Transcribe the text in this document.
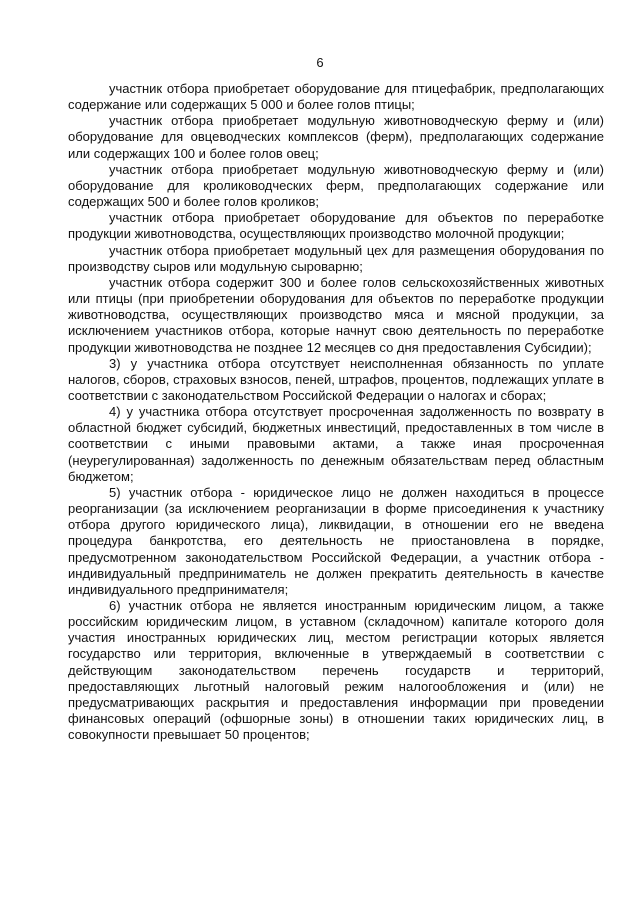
6

участник отбора приобретает оборудование для птицефабрик, предполагающих содержание или содержащих 5 000 и более голов птицы;

участник отбора приобретает модульную животноводческую ферму и (или) оборудование для овцеводческих комплексов (ферм), предполагающих содержание или содержащих 100 и более голов овец;

участник отбора приобретает модульную животноводческую ферму и (или) оборудование для кролиководческих ферм, предполагающих содержание или содержащих 500 и более голов кроликов;

участник отбора приобретает оборудование для объектов по переработке продукции животноводства, осуществляющих производство молочной продукции;

участник отбора приобретает модульный цех для размещения оборудования по производству сыров или модульную сыроварню;

участник отбора содержит 300 и более голов сельскохозяйственных животных или птицы (при приобретении оборудования для объектов по переработке продукции животноводства, осуществляющих производство мяса и мясной продукции, за исключением участников отбора, которые начнут свою деятельность по переработке продукции животноводства не позднее 12 месяцев со дня предоставления Субсидии);

3) у участника отбора отсутствует неисполненная обязанность по уплате налогов, сборов, страховых взносов, пеней, штрафов, процентов, подлежащих уплате в соответствии с законодательством Российской Федерации о налогах и сборах;

4) у участника отбора отсутствует просроченная задолженность по возврату в областной бюджет субсидий, бюджетных инвестиций, предоставленных в том числе в соответствии с иными правовыми актами, а также иная просроченная (неурегулированная) задолженность по денежным обязательствам перед областным бюджетом;

5) участник отбора - юридическое лицо не должен находиться в процессе реорганизации (за исключением реорганизации в форме присоединения к участнику отбора другого юридического лица), ликвидации, в отношении его не введена процедура банкротства, его деятельность не приостановлена в порядке, предусмотренном законодательством Российской Федерации, а участник отбора - индивидуальный предприниматель не должен прекратить деятельность в качестве индивидуального предпринимателя;

6) участник отбора не является иностранным юридическим лицом, а также российским юридическим лицом, в уставном (складочном) капитале которого доля участия иностранных юридических лиц, местом регистрации которых является государство или территория, включенные в утверждаемый в соответствии с действующим законодательством перечень государств и территорий, предоставляющих льготный налоговый режим налогообложения и (или) не предусматривающих раскрытия и предоставления информации при проведении финансовых операций (офшорные зоны) в отношении таких юридических лиц, в совокупности превышает 50 процентов;
